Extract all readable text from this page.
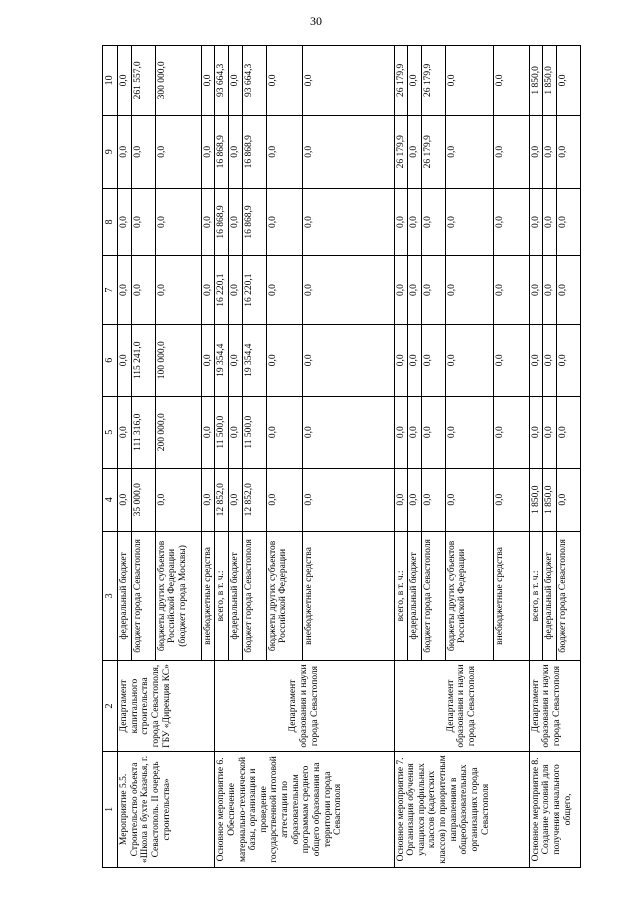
30
1	2	3	4	5	6	7	8	9	10
Мероприятие 5.5. Строительство объекта «Школа в бухте Казачья, г. Севастополь. II очередь строительства»	Департамент капитального строительства города Севастополя, ГБУ «Дирекция КС»	федеральный бюджет	0,0	0,0	0,0	0,0	0,0	0,0	0,0
		бюджет города Севастополя	35 000,0	111 316,0	115 241,0	0,0	0,0	0,0	261 557,0
		бюджеты других субъектов Российской Федерации (бюджет города Москвы)	0,0	200 000,0	100 000,0	0,0	0,0	0,0	300 000,0
		внебюджетные средства	0,0	0,0	0,0	0,0	0,0	0,0	0,0
Основное мероприятие 6. Обеспечение материально-технической базы, организация и проведение государственной итоговой аттестации по образовательным программам среднего общего образования на территории города Севастополя	Департамент образования и науки города Севастополя	всего, в т. ч.:	12 852,0	11 500,0	19 354,4	16 220,1	16 868,9	16 868,9	93 664,3
		федеральный бюджет	0,0	0,0	0,0	0,0	0,0	0,0	0,0
		бюджет города Севастополя	12 852,0	11 500,0	19 354,4	16 220,1	16 868,9	16 868,9	93 664,3
		бюджеты других субъектов Российской Федерации	0,0	0,0	0,0	0,0	0,0	0,0	0,0
		внебюджетные средства	0,0	0,0	0,0	0,0	0,0	0,0	0,0
Основное мероприятие 7. Организация обучения учащихся профильных классов (кадетских классов) по приоритетным направлениям в общеобразовательных организациях города Севастополя	Департамент образования и науки города Севастополя	всего, в т. ч.:	0,0	0,0	0,0	0,0	0,0	26 179,9	26 179,9
		федеральный бюджет	0,0	0,0	0,0	0,0	0,0	0,0	0,0
		бюджет города Севастополя	0,0	0,0	0,0	0,0	0,0	26 179,9	26 179,9
		бюджеты других субъектов Российской Федерации	0,0	0,0	0,0	0,0	0,0	0,0	0,0
		внебюджетные средства	0,0	0,0	0,0	0,0	0,0	0,0	0,0
Основное мероприятие 8. Создание условий для получения начального общего,	Департамент образования и науки города Севастополя	всего, в т. ч.:	1 850,0	0,0	0,0	0,0	0,0	0,0	1 850,0
		федеральный бюджет	1 850,0	0,0	0,0	0,0	0,0	0,0	1 850,0
		бюджет города Севастополя	0,0	0,0	0,0	0,0	0,0	0,0	0,0
